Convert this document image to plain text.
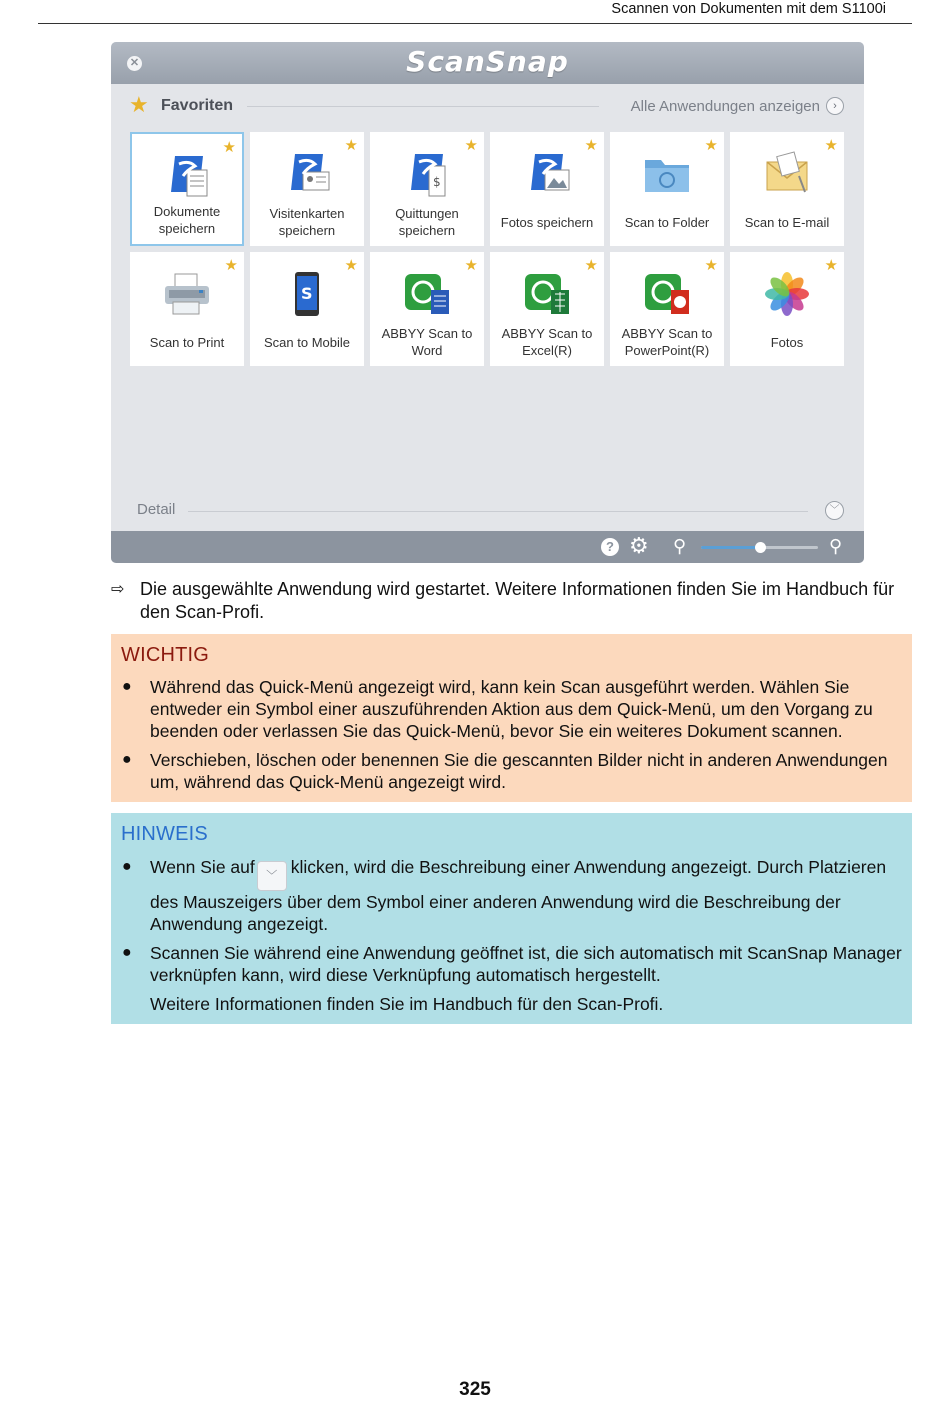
Scannen von Dokumenten mit dem S1100i
✕	ScanSnap
★ Favoriten	Alle Anwendungen anzeigen	›
★
Dokumente
speichern
★
Visitenkarten
speichern
★
$
Quittungen
speichern
★
Fotos speichern
★
Scan to Folder
★
Scan to E-mail
★
Scan to Print
★
S
Scan to Mobile
★
ABBYY Scan to
Word
★
ABBYY Scan to
Excel(R)
★
ABBYY Scan to
PowerPoint(R)
★
Fotos
Detail	﹀
? ⚙ ⚲	⚲
⇨ Die ausgewählte Anwendung wird gestartet. Weitere Informationen finden Sie im Handbuch für den Scan-Profi.
WICHTIG
● Während das Quick-Menü angezeigt wird, kann kein Scan ausgeführt werden. Wählen Sie entweder ein Symbol einer auszuführenden Aktion aus dem Quick-Menü, um den Vorgang zu beenden oder verlassen Sie das Quick-Menü, bevor Sie ein weiteres Dokument scannen.
● Verschieben, löschen oder benennen Sie die gescannten Bilder nicht in anderen Anwendungen um, während das Quick-Menü angezeigt wird.
HINWEIS
● Wenn Sie auf ﹀ klicken, wird die Beschreibung einer Anwendung angezeigt. Durch Platzieren des Mauszeigers über dem Symbol einer anderen Anwendung wird die Beschreibung der Anwendung angezeigt.
● Scannen Sie während eine Anwendung geöffnet ist, die sich automatisch mit ScanSnap Manager verknüpfen kann, wird diese Verknüpfung automatisch hergestellt.
Weitere Informationen finden Sie im Handbuch für den Scan-Profi.
325
